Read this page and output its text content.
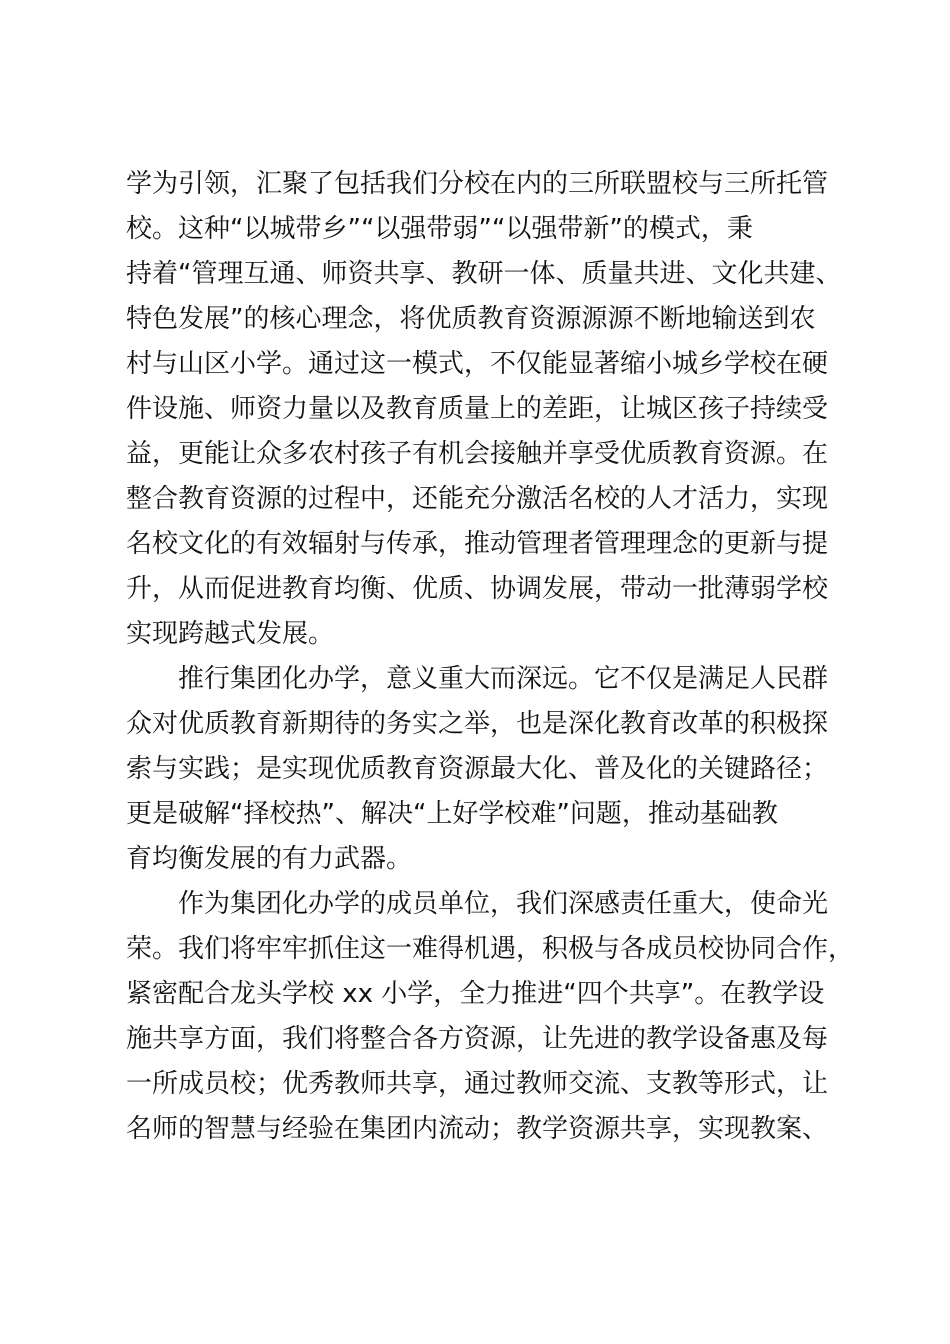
学为引领，汇聚了包括我们分校在内的三所联盟校与三所托管
校。这种“以城带乡”“以强带弱”“以强带新”的模式，秉
持着“管理互通、师资共享、教研一体、质量共进、文化共建、
特色发展”的核心理念，将优质教育资源源源不断地输送到农
村与山区小学。通过这一模式，不仅能显著缩小城乡学校在硬
件设施、师资力量以及教育质量上的差距，让城区孩子持续受
益，更能让众多农村孩子有机会接触并享受优质教育资源。在
整合教育资源的过程中，还能充分激活名校的人才活力，实现
名校文化的有效辐射与传承，推动管理者管理理念的更新与提
升，从而促进教育均衡、优质、协调发展，带动一批薄弱学校
实现跨越式发展。
推行集团化办学，意义重大而深远。它不仅是满足人民群
众对优质教育新期待的务实之举，也是深化教育改革的积极探
索与实践；是实现优质教育资源最大化、普及化的关键路径；
更是破解“择校热”、解决“上好学校难”问题，推动基础教
育均衡发展的有力武器。
作为集团化办学的成员单位，我们深感责任重大，使命光
荣。我们将牢牢抓住这一难得机遇，积极与各成员校协同合作，
紧密配合龙头学校 xx 小学，全力推进“四个共享”。在教学设
施共享方面，我们将整合各方资源，让先进的教学设备惠及每
一所成员校；优秀教师共享，通过教师交流、支教等形式，让
名师的智慧与经验在集团内流动；教学资源共享，实现教案、
